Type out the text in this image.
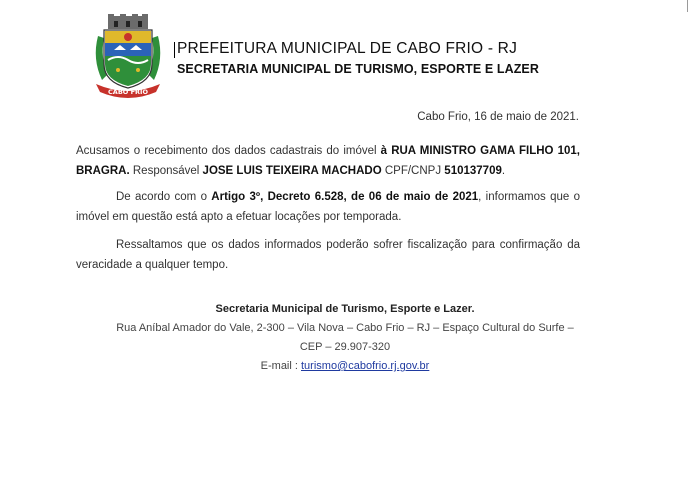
CABO FRIO
PREFEITURA MUNICIPAL DE CABO FRIO - RJ
SECRETARIA MUNICIPAL DE TURISMO, ESPORTE E LAZER
Cabo Frio, 16 de maio de 2021.

Acusamos o recebimento dos dados cadastrais do imóvel à RUA MINISTRO GAMA FILHO 101, BRAGRA. Responsável JOSE LUIS TEIXEIRA MACHADO CPF/CNPJ 510137709.

De acordo com o Artigo 3º, Decreto 6.528, de 06 de maio de 2021, informamos que o imóvel em questão está apto a efetuar locações por temporada.

Ressaltamos que os dados informados poderão sofrer fiscalização para confirmação da veracidade a qualquer tempo.

Secretaria Municipal de Turismo, Esporte e Lazer.
Rua Aníbal Amador do Vale, 2-300 – Vila Nova – Cabo Frio – RJ – Espaço Cultural do Surfe – CEP – 29.907-320
E-mail : turismo@cabofrio.rj.gov.br
